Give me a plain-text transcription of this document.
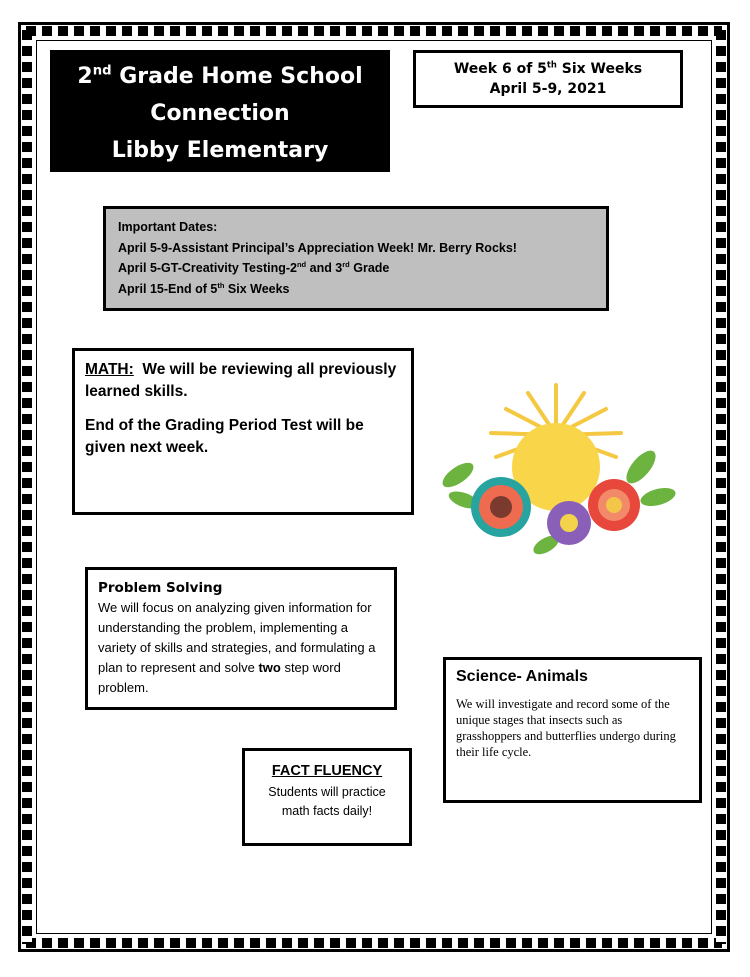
2nd Grade Home School
Connection
Libby Elementary
Week 6 of 5th Six Weeks
April 5-9, 2021
Important Dates:
April 5-9-Assistant Principal’s Appreciation Week! Mr. Berry Rocks!
April 5-GT-Creativity Testing-2nd and 3rd Grade
April 15-End of 5th Six Weeks

MATH:  We will be reviewing all previously learned skills.

End of the Grading Period Test will be given next week.

Problem Solving
We will focus on analyzing given information for understanding the problem, implementing a variety of skills and strategies, and formulating a plan to represent and solve two step word problem.
FACT FLUENCY
Students will practice math facts daily!
Science- Animals
We will investigate and record some of the unique stages that insects such as grasshoppers and butterflies undergo during their life cycle.
